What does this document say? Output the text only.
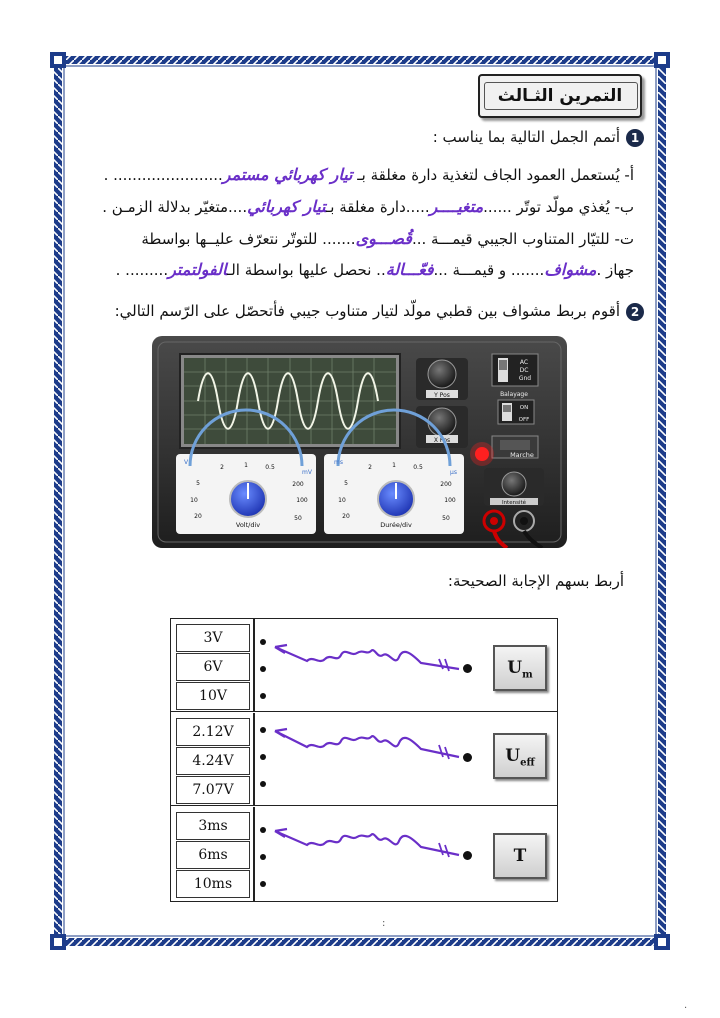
التمرين الثـالث
1أتمم الجمل التالية بما يناسب :
أ- يُستعمل العمود الجاف لتغذية دارة مغلقة بـ تيار كهربائي مستمر....................... .
ب- يُغذي مولّد توتّر ......متغيــــر.....دارة مغلقة بـتيار كهربائي....متغيّر بدلالة الزمـن .
ت- للتيّار المتناوب الجيبي قيمـــة ...قُصـــوى....... للتوتّر نتعرّف عليــها بواسطة
جهاز .مشواف....... و قيمـــة ...فعّـــالة.. نحصل عليها بواسطة الـالفولتمتر......... .
2أقوم بربط مشواف بين قطبي مولّد لتيار متناوب جيبي فأتحصّل على الرّسم التالي:
Y Pos
X Pos
AC
DC
Gnd
Balayage
ON
OFF
Marche
Intensité
5
2	1	0.5
200
100
50
10
20
V
mV
Volt/div
5
2	1	0.5
200
100
50
10
20
ms
µs
Durée/div
أربط بسهم الإجابة الصحيحة:
3V
6V
10V
$U_m$
2.12V
4.24V
7.07V
$U_{eff}$
3ms
6ms
10ms
T
:
.
